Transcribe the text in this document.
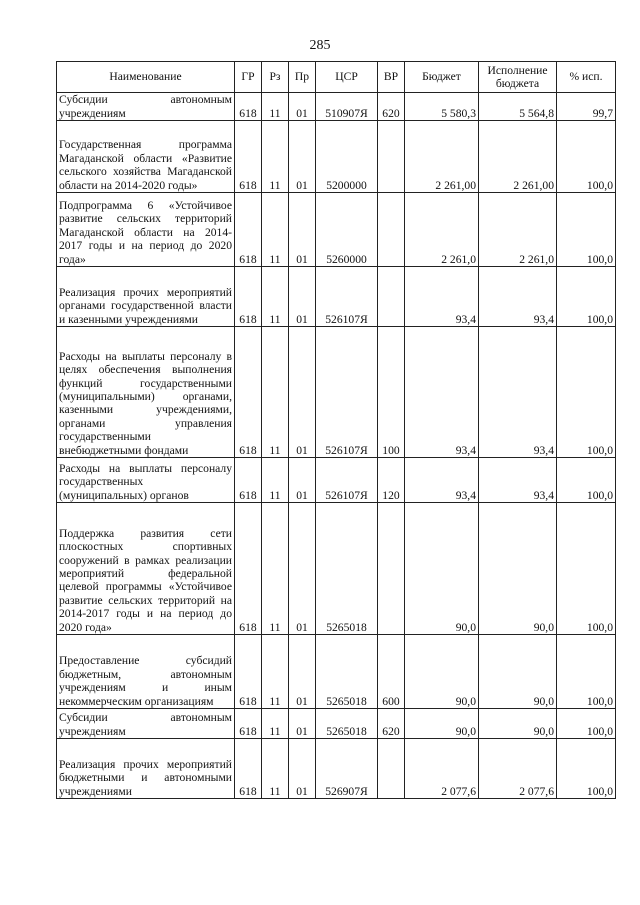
285
Наименование	ГР	Рз	Пр	ЦСР	ВР	Бюджет	Исполнение бюджета	% исп.
Субсидии автономным учреждениям	618	11	01	510907Я	620	5 580,3	5 564,8	99,7
Государственная программа Магаданской области «Развитие сельского хозяйства Магаданской области на 2014-2020 годы»	618	11	01	5200000		2 261,00	2 261,00	100,0
Подпрограмма 6 «Устойчивое развитие сельских территорий Магаданской области на 2014-2017 годы и на период до 2020 года»	618	11	01	5260000		2 261,0	2 261,0	100,0
Реализация прочих мероприятий органами государственной власти и казенными учреждениями	618	11	01	526107Я		93,4	93,4	100,0
Расходы на выплаты персоналу в целях обеспечения выполнения функций государственными (муниципальными) органами, казенными учреждениями, органами управления государственными внебюджетными фондами	618	11	01	526107Я	100	93,4	93,4	100,0
Расходы на выплаты персоналу государственных (муниципальных) органов	618	11	01	526107Я	120	93,4	93,4	100,0
Поддержка развития сети плоскостных спортивных сооружений в рамках реализации мероприятий федеральной целевой программы «Устойчивое развитие сельских территорий на 2014-2017 годы и на период до 2020 года»	618	11	01	5265018		90,0	90,0	100,0
Предоставление субсидий бюджетным, автономным учреждениям и иным некоммерческим организациям	618	11	01	5265018	600	90,0	90,0	100,0
Субсидии автономным учреждениям	618	11	01	5265018	620	90,0	90,0	100,0
Реализация прочих мероприятий бюджетными и автономными учреждениями	618	11	01	526907Я		2 077,6	2 077,6	100,0
